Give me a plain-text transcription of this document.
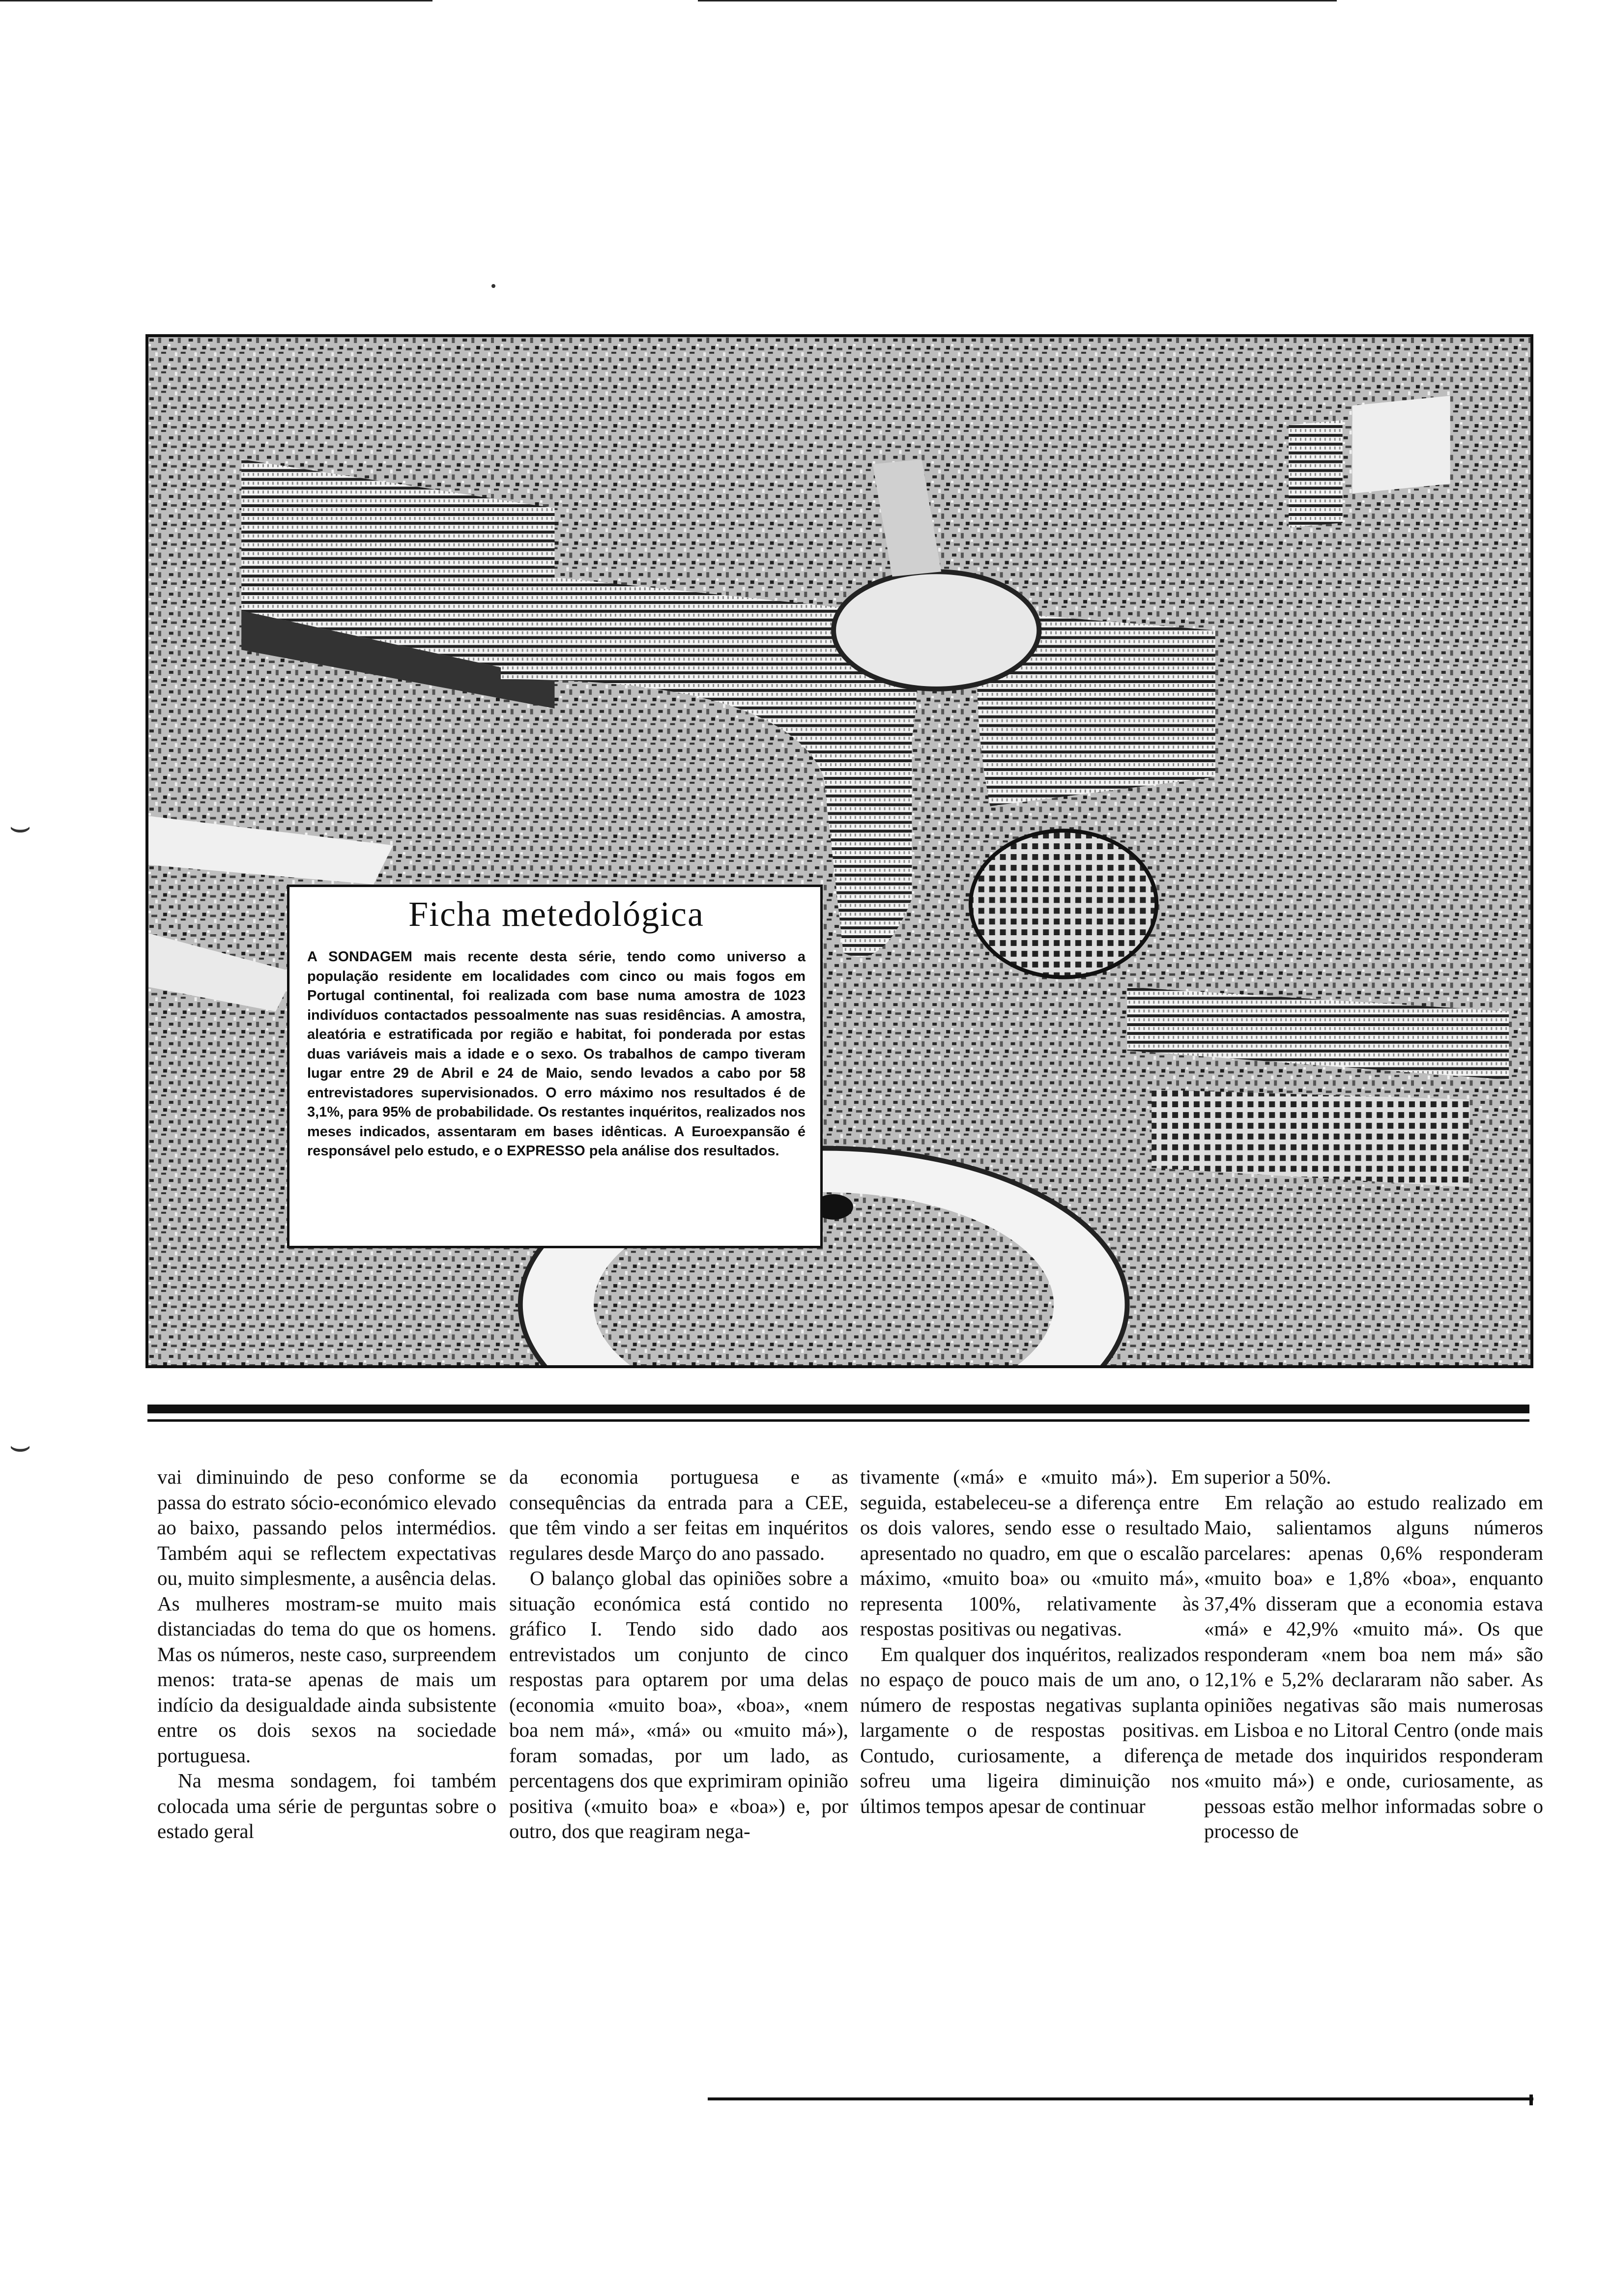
⌣
⌣
Ficha metedológica

A SONDAGEM mais recente desta série, tendo como universo a população residente em localidades com cinco ou mais fogos em Portugal continental, foi realizada com base numa amostra de 1023 indivíduos contactados pessoalmente nas suas residências. A amostra, aleatória e estratificada por região e habitat, foi ponderada por estas duas variáveis mais a idade e o sexo. Os trabalhos de campo tiveram lugar entre 29 de Abril e 24 de Maio, sendo levados a cabo por 58 entrevistadores supervisionados. O erro máximo nos resultados é de 3,1%, para 95% de probabilidade. Os restantes inquéritos, realizados nos meses indicados, assentaram em bases idênticas. A Euroexpansão é responsável pelo estudo, e o EXPRESSO pela análise dos resultados.

vai diminuindo de peso conforme se passa do estrato sócio-económico elevado ao baixo, passando pelos intermédios. Também aqui se reflectem expectativas ou, muito simplesmente, a ausência delas. As mulheres mostram-se muito mais distanciadas do tema do que os homens. Mas os números, neste caso, surpreendem menos: trata-se apenas de mais um indício da desigualdade ainda subsistente entre os dois sexos na sociedade portuguesa.

Na mesma sondagem, foi também colocada uma série de perguntas sobre o estado geral

da economia portuguesa e as consequências da entrada para a CEE, que têm vindo a ser feitas em inquéritos regulares desde Março do ano passado.

O balanço global das opiniões sobre a situação económica está contido no gráfico I. Tendo sido dado aos entrevistados um conjunto de cinco respostas para optarem por uma delas (economia «muito boa», «boa», «nem boa nem má», «má» ou «muito má»), foram somadas, por um lado, as percentagens dos que exprimiram opinião positiva («muito boa» e «boa») e, por outro, dos que reagiram nega-

tivamente («má» e «muito má»). Em seguida, estabeleceu-se a diferença entre os dois valores, sendo esse o resultado apresentado no quadro, em que o escalão máximo, «muito boa» ou «muito má», representa 100%, relativamente às respostas positivas ou negativas.

Em qualquer dos inquéritos, realizados no espaço de pouco mais de um ano, o número de respostas negativas suplanta largamente o de respostas positivas. Contudo, curiosamente, a diferença sofreu uma ligeira diminuição nos últimos tempos apesar de continuar

superior a 50%.

Em relação ao estudo realizado em Maio, salientamos alguns números parcelares: apenas 0,6% responderam «muito boa» e 1,8% «boa», enquanto 37,4% disseram que a economia estava «má» e 42,9% «muito má». Os que responderam «nem boa nem má» são 12,1% e 5,2% declararam não saber. As opiniões negativas são mais numerosas em Lisboa e no Litoral Centro (onde mais de metade dos inquiridos responderam «muito má») e onde, curiosamente, as pessoas estão melhor informadas sobre o processo de
